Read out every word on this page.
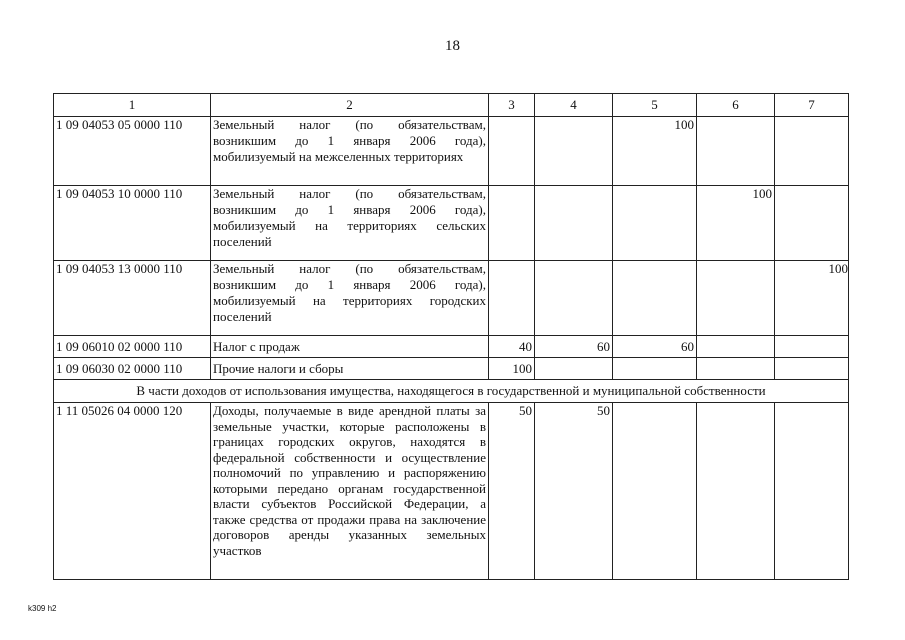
18
1	2	3	4	5	6	7
1 09 04053 05 0000 110	Земельный налог (по обязательствам, возникшим до 1 января 2006 года), мобилизуемый на межселенных территориях			100		
1 09 04053 10 0000 110	Земельный налог (по обязательствам, возникшим до 1 января 2006 года), мобилизуемый на территориях сельских поселений				100	
1 09 04053 13 0000 110	Земельный налог (по обязательствам, возникшим до 1 января 2006 года), мобилизуемый на территориях городских поселений					100
1 09 06010 02 0000 110	Налог с продаж	40	60	60		
1 09 06030 02 0000 110	Прочие налоги и сборы	100				
В части доходов от использования имущества, находящегося в государственной и муниципальной собственности						
1 11 05026 04 0000 120	Доходы, получаемые в виде арендной платы за земельные участки, которые расположены в границах городских округов, находятся в федеральной собственности и осуществление полномочий по управлению и распоряжению которыми передано органам государственной власти субъектов Российской Федерации, а также средства от продажи права на заключение договоров аренды указанных земельных участков	50	50			
k309 h2
